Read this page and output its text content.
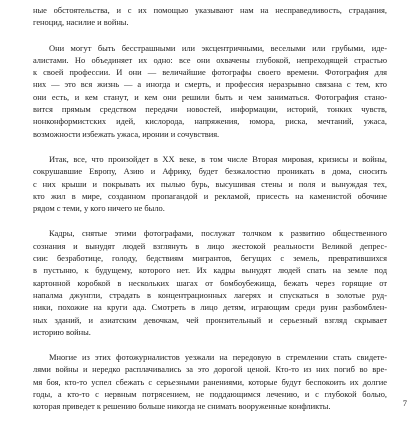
ные обстоятельства, и с их помощью указывают нам на несправедливость, страдания,
геноцид, насилие и войны.
Они могут быть бесстрашными или эксцентричными, веселыми или грубыми, иде-
алистами. Но объединяет их одно: все они охвачены глубокой, непреходящей страстью
к своей профессии. И они — величайшие фотографы своего времени. Фотография для
них — это вся жизнь — а иногда и смерть, и профессия неразрывно связана с тем, кто
они есть, и кем станут, и кем они решили быть и чем заниматься. Фотография стано-
вится прямым средством передачи новостей, информации, историй, тонких чувств,
нонконформистских идей, кислорода, напряжения, юмора, риска, мечтаний, ужаса,
возможности избежать ужаса, иронии и сочувствия.
Итак, все, что произойдет в XX веке, в том числе Вторая мировая, кризисы и войны,
сокрушавшие Европу, Азию и Африку, будет безжалостно проникать в дома, сносить
с них крыши и покрывать их пылью бурь, высушивая стены и поля и вынуждая тех,
кто жил в мире, созданном пропагандой и рекламой, присесть на каменистой обочине
рядом с теми, у кого ничего не было.
Кадры, снятые этими фотографами, послужат толчком к развитию общественного
сознания и вынудят людей взглянуть в лицо жестокой реальности Великой депрес-
сии: безработице, голоду, бедствиям мигрантов, бегущих с земель, превратившихся
в пустыню, к будущему, которого нет. Их кадры вынудят людей спать на земле под
картонной коробкой в нескольких шагах от бомбоубежища, бежать через горящие от
напалма джунгли, страдать в концентрационных лагерях и спускаться в золотые руд-
ники, похожие на круги ада. Смотреть в лицо детям, играющим среди руин разбомблен-
ных зданий, и азиатским девочкам, чей пронзительный и серьезный взгляд скрывает
историю войны.
Многие из этих фотожурналистов уезжали на передовую в стремлении стать свидете-
лями войны и нередко расплачивались за это дорогой ценой. Кто-то из них погиб во вре-
мя боя, кто-то успел сбежать с серьезными ранениями, которые будут беспокоить их долгие
годы, а кто-то с нервным потрясением, не поддающимся лечению, и с глубокой болью,
которая приведет к решению больше никогда не снимать вооруженные конфликты.	7
